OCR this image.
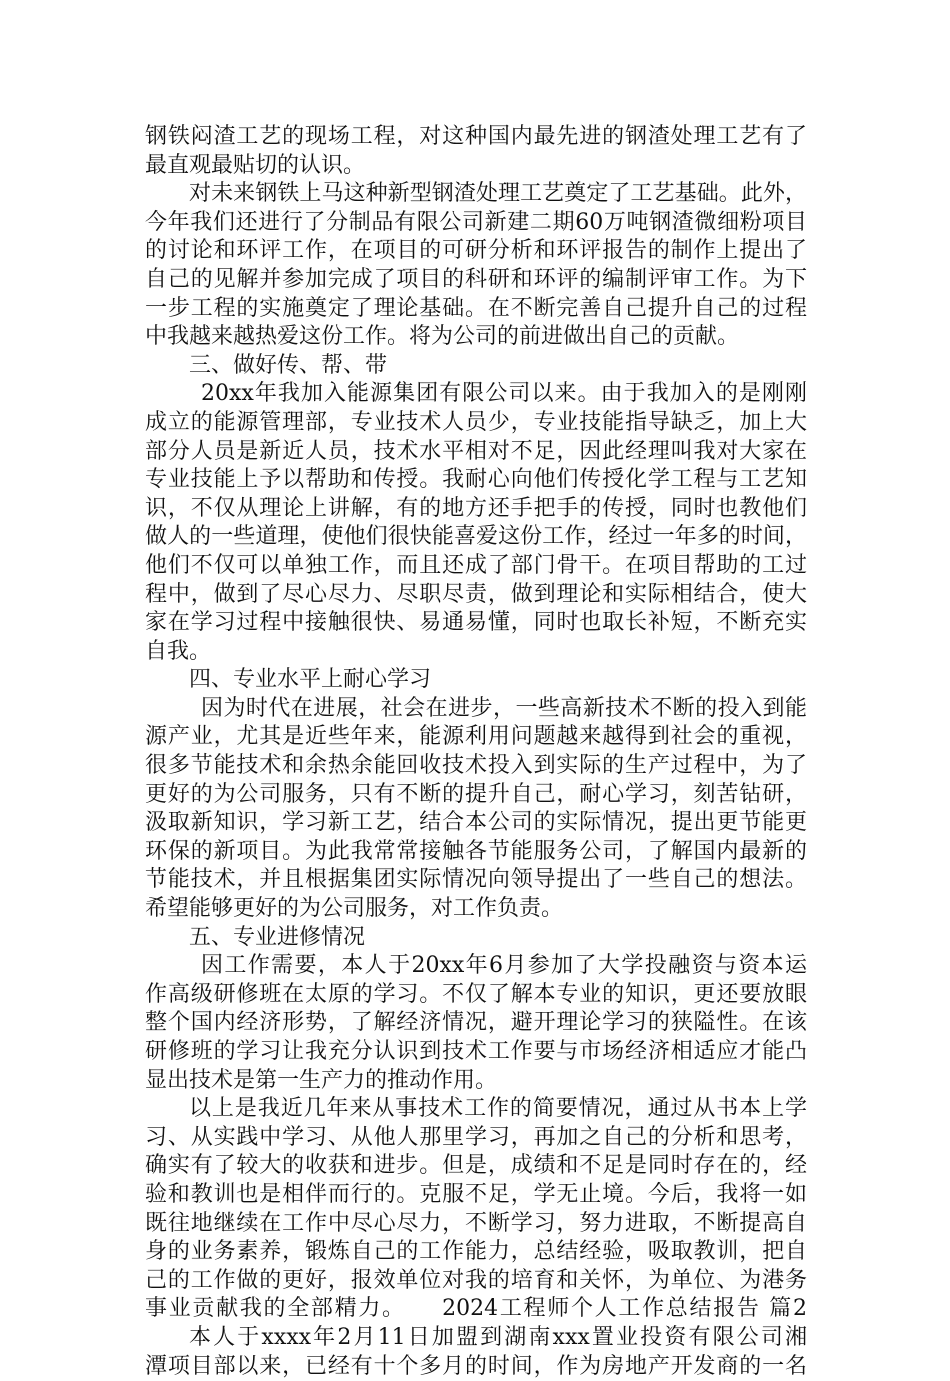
钢铁闷渣工艺的现场工程，对这种国内最先进的钢渣处理工艺有了
最直观最贴切的认识。
对未来钢铁上马这种新型钢渣处理工艺奠定了工艺基础。此外，
今年我们还进行了分制品有限公司新建二期60万吨钢渣微细粉项目
的讨论和环评工作，在项目的可研分析和环评报告的制作上提出了
自己的见解并参加完成了项目的科研和环评的编制评审工作。为下
一步工程的实施奠定了理论基础。在不断完善自己提升自己的过程
中我越来越热爱这份工作。将为公司的前进做出自己的贡献。
三、做好传、帮、带
20xx年我加入能源集团有限公司以来。由于我加入的是刚刚
成立的能源管理部，专业技术人员少，专业技能指导缺乏，加上大
部分人员是新近人员，技术水平相对不足，因此经理叫我对大家在
专业技能上予以帮助和传授。我耐心向他们传授化学工程与工艺知
识，不仅从理论上讲解，有的地方还手把手的传授，同时也教他们
做人的一些道理，使他们很快能喜爱这份工作，经过一年多的时间，
他们不仅可以单独工作，而且还成了部门骨干。在项目帮助的工过
程中，做到了尽心尽力、尽职尽责，做到理论和实际相结合，使大
家在学习过程中接触很快、易通易懂，同时也取长补短，不断充实
自我。
四、专业水平上耐心学习
因为时代在进展，社会在进步，一些高新技术不断的投入到能
源产业，尤其是近些年来，能源利用问题越来越得到社会的重视，
很多节能技术和余热余能回收技术投入到实际的生产过程中，为了
更好的为公司服务，只有不断的提升自己，耐心学习，刻苦钻研，
汲取新知识，学习新工艺，结合本公司的实际情况，提出更节能更
环保的新项目。为此我常常接触各节能服务公司，了解国内最新的
节能技术，并且根据集团实际情况向领导提出了一些自己的想法。
希望能够更好的为公司服务，对工作负责。
五、专业进修情况
因工作需要，本人于20xx年6月参加了大学投融资与资本运
作高级研修班在太原的学习。不仅了解本专业的知识，更还要放眼
整个国内经济形势，了解经济情况，避开理论学习的狭隘性。在该
研修班的学习让我充分认识到技术工作要与市场经济相适应才能凸
显出技术是第一生产力的推动作用。
以上是我近几年来从事技术工作的简要情况，通过从书本上学
习、从实践中学习、从他人那里学习，再加之自己的分析和思考，
确实有了较大的收获和进步。但是，成绩和不足是同时存在的，经
验和教训也是相伴而行的。克服不足，学无止境。今后，我将一如
既往地继续在工作中尽心尽力，不断学习，努力进取，不断提高自
身的业务素养，锻炼自己的工作能力，总结经验，吸取教训，把自
己的工作做的更好，报效单位对我的培育和关怀，为单位、为港务
事业贡献我的全部精力。　　2024工程师个人工作总结报告 篇2
本人于xxxx年2月11日加盟到湖南xxx置业投资有限公司湘
潭项目部以来，已经有十个多月的时间，作为房地产开发商的一名
